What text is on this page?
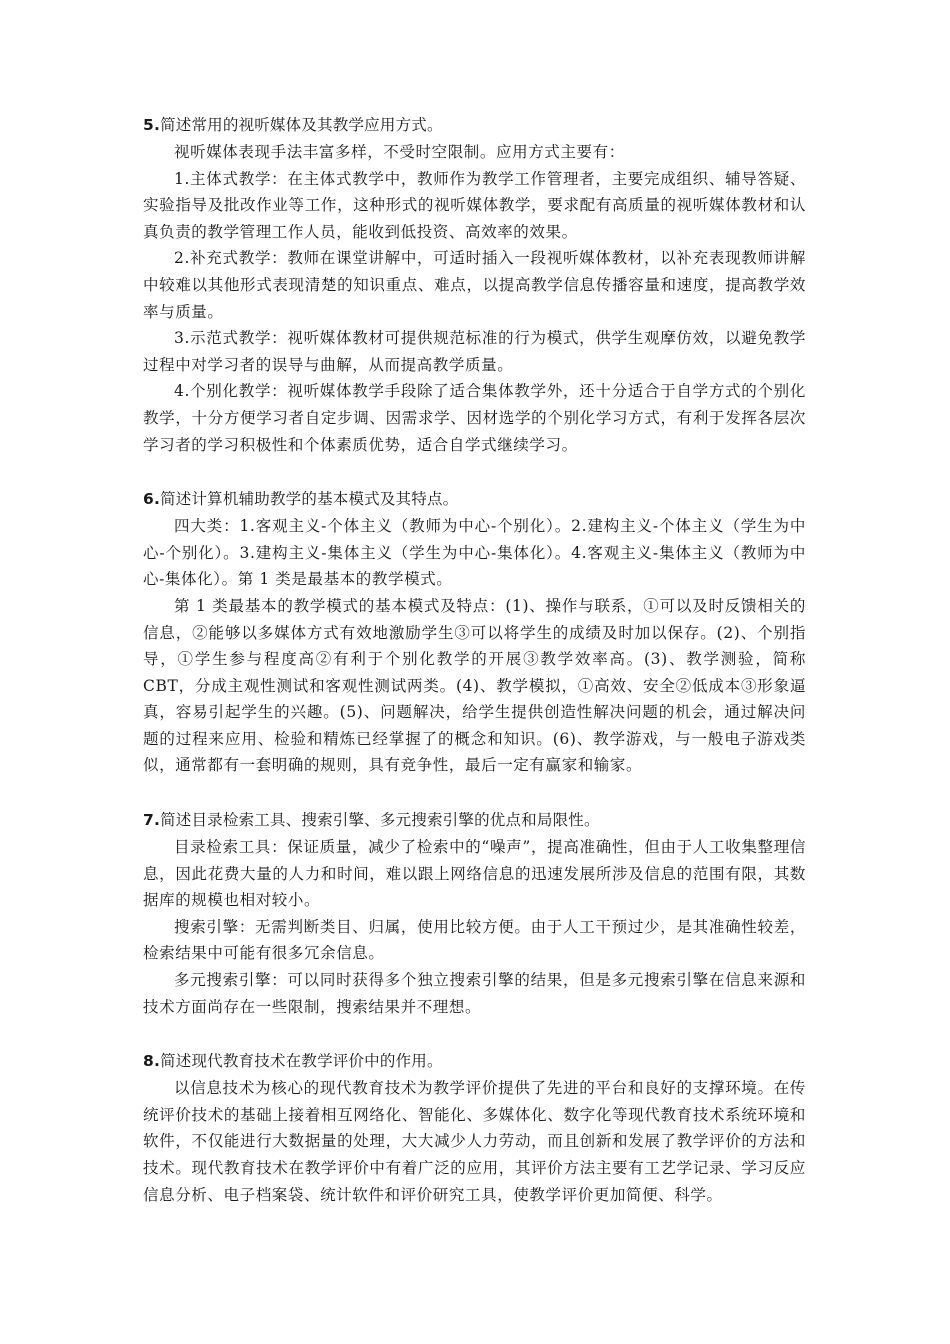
5.简述常用的视听媒体及其教学应用方式。

视听媒体表现手法丰富多样，不受时空限制。应用方式主要有：

1.主体式教学：在主体式教学中，教师作为教学工作管理者，主要完成组织、辅导答疑、实验指导及批改作业等工作，这种形式的视听媒体教学，要求配有高质量的视听媒体教材和认真负责的教学管理工作人员，能收到低投资、高效率的效果。

2.补充式教学：教师在课堂讲解中，可适时插入一段视听媒体教材，以补充表现教师讲解中较难以其他形式表现清楚的知识重点、难点，以提高教学信息传播容量和速度，提高教学效率与质量。

3.示范式教学：视听媒体教材可提供规范标准的行为模式，供学生观摩仿效，以避免教学过程中对学习者的误导与曲解，从而提高教学质量。

4.个别化教学：视听媒体教学手段除了适合集体教学外，还十分适合于自学方式的个别化教学，十分方便学习者自定步调、因需求学、因材选学的个别化学习方式，有利于发挥各层次学习者的学习积极性和个体素质优势，适合自学式继续学习。

6.简述计算机辅助教学的基本模式及其特点。

四大类：1.客观主义-个体主义（教师为中心-个别化）。2.建构主义-个体主义（学生为中心-个别化）。3.建构主义-集体主义（学生为中心-集体化）。4.客观主义-集体主义（教师为中心-集体化）。第 1 类是最基本的教学模式。

第 1 类最基本的教学模式的基本模式及特点：(1)、操作与联系，①可以及时反馈相关的信息，②能够以多媒体方式有效地激励学生③可以将学生的成绩及时加以保存。(2)、个别指导，①学生参与程度高②有利于个别化教学的开展③教学效率高。(3)、教学测验，简称 CBT，分成主观性测试和客观性测试两类。(4)、教学模拟，①高效、安全②低成本③形象逼真，容易引起学生的兴趣。(5)、问题解决，给学生提供创造性解决问题的机会，通过解决问题的过程来应用、检验和精炼已经掌握了的概念和知识。(6)、教学游戏，与一般电子游戏类似，通常都有一套明确的规则，具有竞争性，最后一定有赢家和输家。

7.简述目录检索工具、搜索引擎、多元搜索引擎的优点和局限性。

目录检索工具：保证质量，减少了检索中的“噪声”，提高准确性，但由于人工收集整理信息，因此花费大量的人力和时间，难以跟上网络信息的迅速发展所涉及信息的范围有限，其数据库的规模也相对较小。

搜索引擎：无需判断类目、归属，使用比较方便。由于人工干预过少，是其准确性较差，检索结果中可能有很多冗余信息。

多元搜索引擎：可以同时获得多个独立搜索引擎的结果，但是多元搜索引擎在信息来源和技术方面尚存在一些限制，搜索结果并不理想。

8.简述现代教育技术在教学评价中的作用。

以信息技术为核心的现代教育技术为教学评价提供了先进的平台和良好的支撑环境。在传统评价技术的基础上接着相互网络化、智能化、多媒体化、数字化等现代教育技术系统环境和软件，不仅能进行大数据量的处理，大大减少人力劳动，而且创新和发展了教学评价的方法和技术。现代教育技术在教学评价中有着广泛的应用，其评价方法主要有工艺学记录、学习反应信息分析、电子档案袋、统计软件和评价研究工具，使教学评价更加简便、科学。
